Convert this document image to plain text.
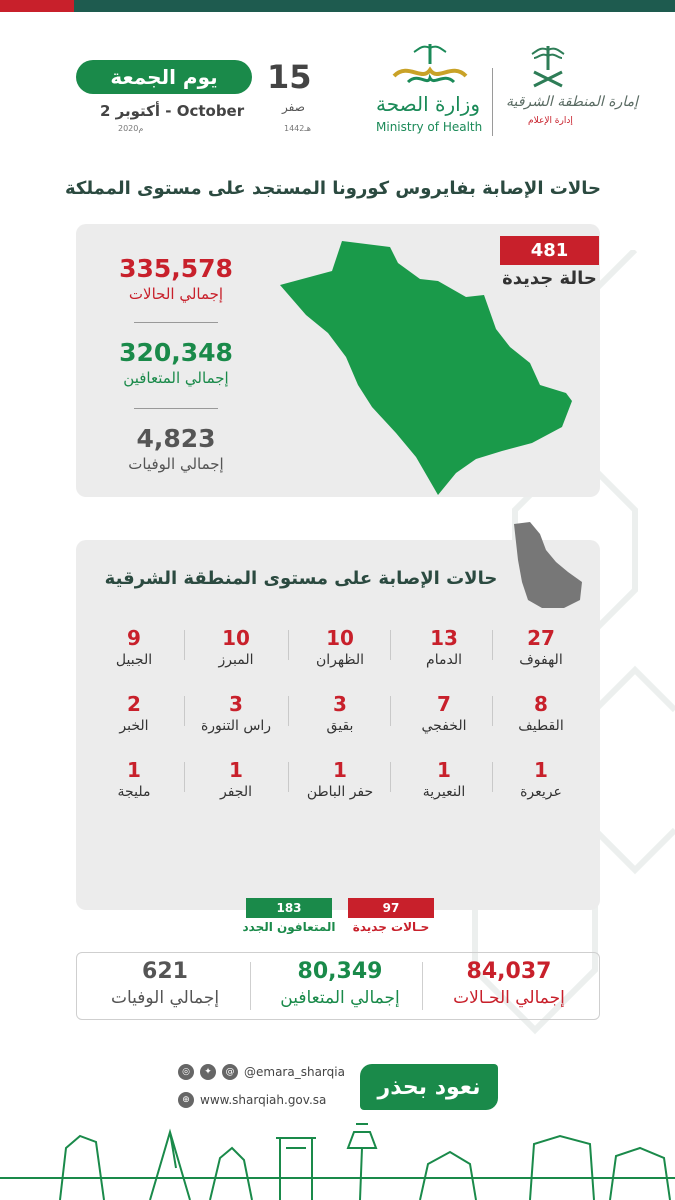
يوم الجمعة
2 أكتوبر - October
2020م
15
صفر
1442هـ
وزارة الصحة
Ministry of Health
إمارة المنطقة الشرقية
إدارة الإعلام
حالات الإصابة بفايروس كورونا المستجد على مستوى المملكة
481
حالة جديدة
335,578
إجمالي الحالات
320,348
إجمالي المتعافين
4,823
إجمالي الوفيات
حالات الإصابة على مستوى المنطقة الشرقية
27
الهفوف
13
الدمام
10
الظهران
10
المبرز
9
الجبيل
8
القطيف
7
الخفجي
3
بقيق
3
راس التنورة
2
الخبر
1
عريعرة
1
النعيرية
1
حفر الباطن
1
الجفر
1
مليجة
97
حـالات جديدة
183
المتعافون الجدد
84,037
إجمالي الحـالات
80,349
إجمالي المتعافين
621
إجمالي الوفيات
◎	✦	@ @emara_sharqia
⊕ www.sharqiah.gov.sa
نعود بحذر
